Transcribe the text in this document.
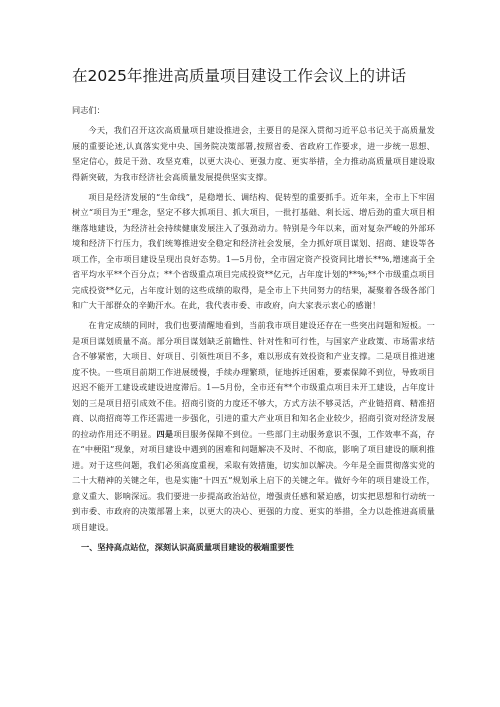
在2025年推进高质量项目建设工作会议上的讲话

同志们：

今天，我们召开这次高质量项目建设推进会，主要目的是深入贯彻习近平总书记关于高质量发展的重要论述,认真落实党中央、国务院决策部署,按照省委、省政府工作要求，进一步统一思想、坚定信心，鼓足干劲、攻坚克难，以更大决心、更强力度、更实举措，全力推动高质量项目建设取得新突破，为我市经济社会高质量发展提供坚实支撑。

项目是经济发展的“生命线”，是稳增长、调结构、促转型的重要抓手。近年来，全市上下牢固树立“项目为王”理念，坚定不移大抓项目、抓大项目，一批打基础、利长远、增后劲的重大项目相继落地建设，为经济社会持续健康发展注入了强劲动力。特别是今年以来，面对复杂严峻的外部环境和经济下行压力，我们统筹推进安全稳定和经济社会发展，全力抓好项目谋划、招商、建设等各项工作，全市项目建设呈现出良好态势。1—5月份，全市固定资产投资同比增长**%,增速高于全省平均水平**个百分点；**个省级重点项目完成投资**亿元，占年度计划的**%;**个市级重点项目完成投资**亿元，占年度计划的这些成绩的取得，是全市上下共同努力的结果，凝聚着各级各部门和广大干部群众的辛勤汗水。在此，我代表市委、市政府，向大家表示衷心的感谢！

在肯定成绩的同时，我们也要清醒地看到，当前我市项目建设还存在一些突出问题和短板。一是项目谋划质量不高。部分项目谋划缺乏前瞻性、针对性和可行性，与国家产业政策、市场需求结合不够紧密，大项目、好项目、引领性项目不多，难以形成有效投资和产业支撑。二是项目推进速度不快。一些项目前期工作进展缓慢，手续办理繁琐，征地拆迁困难，要素保障不到位，导致项目迟迟不能开工建设或建设进度滞后。1—5月份，全市还有**个市级重点项目未开工建设，占年度计划的三是项目招引成效不佳。招商引资的力度还不够大，方式方法不够灵活，产业链招商、精准招商、以商招商等工作还需进一步强化，引进的重大产业项目和知名企业较少，招商引资对经济发展的拉动作用还不明显。四是项目服务保障不到位。一些部门主动服务意识不强，工作效率不高，存在“中梗阻”现象，对项目建设中遇到的困难和问题解决不及时、不彻底，影响了项目建设的顺利推进。对于这些问题，我们必须高度重视，采取有效措施，切实加以解决。今年是全面贯彻落实党的二十大精神的关键之年，也是实施“十四五”规划承上启下的关键之年。做好今年的项目建设工作，意义重大、影响深远。我们要进一步提高政治站位，增强责任感和紧迫感，切实把思想和行动统一到市委、市政府的决策部署上来，以更大的决心、更强的力度、更实的举措，全力以赴推进高质量项目建设。

一、坚持高点站位，深刻认识高质量项目建设的极端重要性
